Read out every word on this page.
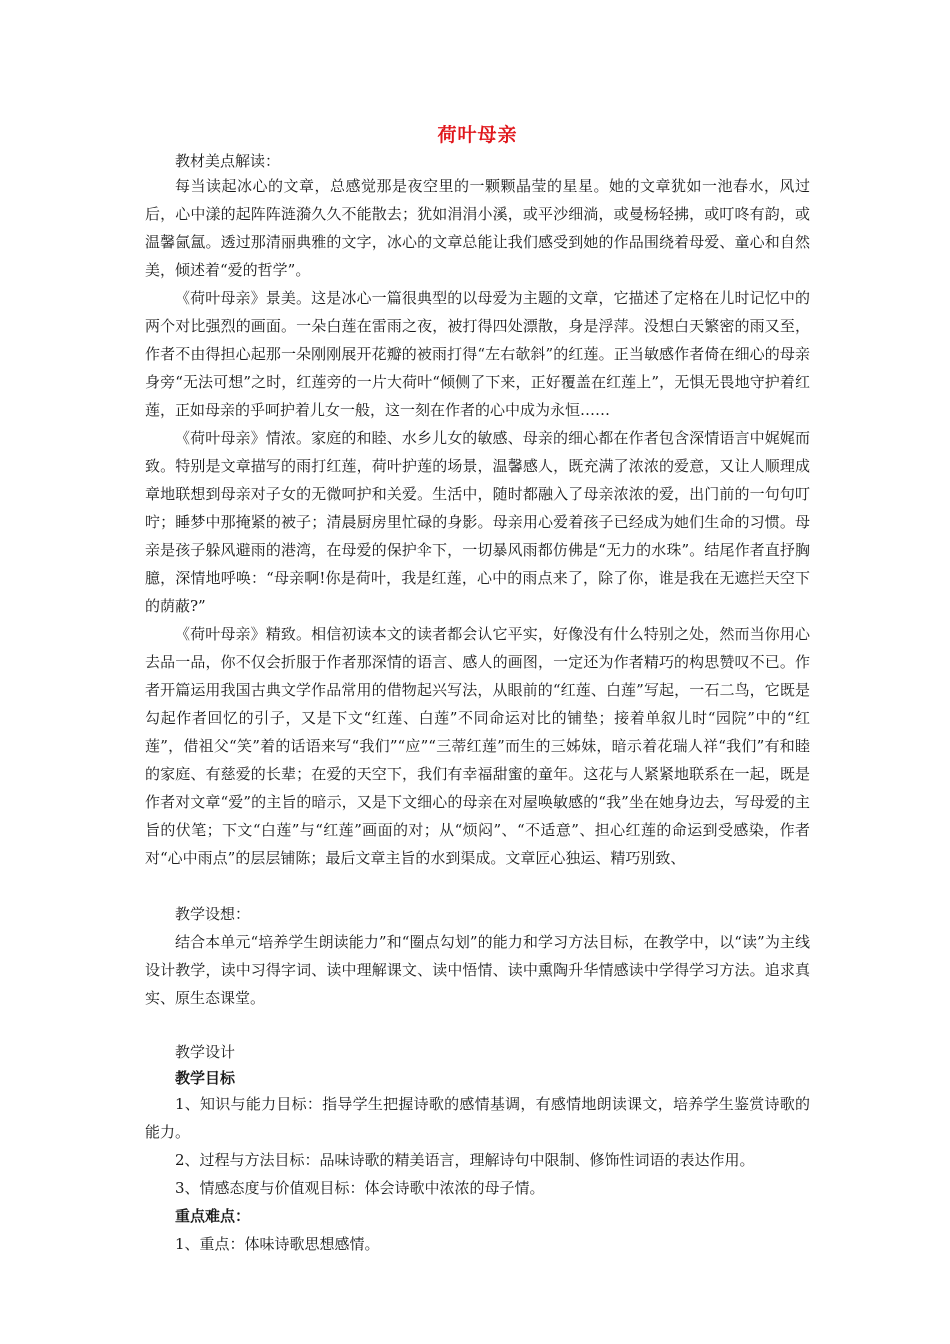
荷叶母亲

教材美点解读：

每当读起冰心的文章，总感觉那是夜空里的一颗颗晶莹的星星。她的文章犹如一池春水，风过后，心中漾的起阵阵涟漪久久不能散去；犹如涓涓小溪，或平沙细淌，或曼杨轻拂，或叮咚有韵，或温馨氤氲。透过那清丽典雅的文字，冰心的文章总能让我们感受到她的作品围绕着母爱、童心和自然美，倾述着“爱的哲学”。

《荷叶母亲》景美。这是冰心一篇很典型的以母爱为主题的文章，它描述了定格在儿时记忆中的两个对比强烈的画面。一朵白莲在雷雨之夜，被打得四处漂散，身是浮萍。没想白天繁密的雨又至，作者不由得担心起那一朵刚刚展开花瓣的被雨打得“左右欹斜”的红莲。正当敏感作者倚在细心的母亲身旁“无法可想”之时，红莲旁的一片大荷叶“倾侧了下来，正好覆盖在红莲上”，无惧无畏地守护着红莲，正如母亲的乎呵护着儿女一般，这一刻在作者的心中成为永恒……

《荷叶母亲》情浓。家庭的和睦、水乡儿女的敏感、母亲的细心都在作者包含深情语言中娓娓而致。特别是文章描写的雨打红莲，荷叶护莲的场景，温馨感人，既充满了浓浓的爱意，又让人顺理成章地联想到母亲对子女的无微呵护和关爱。生活中，随时都融入了母亲浓浓的爱，出门前的一句句叮咛；睡梦中那掩紧的被子；清晨厨房里忙碌的身影。母亲用心爱着孩子已经成为她们生命的习惯。母亲是孩子躲风避雨的港湾，在母爱的保护伞下，一切暴风雨都仿佛是“无力的水珠”。结尾作者直抒胸臆，深情地呼唤：“母亲啊!你是荷叶，我是红莲，心中的雨点来了，除了你，谁是我在无遮拦天空下的荫蔽?”

《荷叶母亲》精致。相信初读本文的读者都会认它平实，好像没有什么特别之处，然而当你用心去品一品，你不仅会折服于作者那深情的语言、感人的画图，一定还为作者精巧的构思赞叹不已。作者开篇运用我国古典文学作品常用的借物起兴写法，从眼前的“红莲、白莲”写起，一石二鸟，它既是勾起作者回忆的引子，又是下文“红莲、白莲”不同命运对比的铺垫；接着单叙儿时“园院”中的“红莲”，借祖父“笑”着的话语来写“我们”“应”“三蒂红莲”而生的三姊妹，暗示着花瑞人祥“我们”有和睦的家庭、有慈爱的长辈；在爱的天空下，我们有幸福甜蜜的童年。这花与人紧紧地联系在一起，既是作者对文章“爱”的主旨的暗示，又是下文细心的母亲在对屋唤敏感的“我”坐在她身边去，写母爱的主旨的伏笔；下文“白莲”与“红莲”画面的对；从“烦闷”、“不适意”、担心红莲的命运到受感染，作者对“心中雨点”的层层铺陈；最后文章主旨的水到渠成。文章匠心独运、精巧别致、

教学设想：

结合本单元“培养学生朗读能力”和“圈点勾划”的能力和学习方法目标，在教学中，以“读”为主线设计教学，读中习得字词、读中理解课文、读中悟情、读中熏陶升华情感读中学得学习方法。追求真实、原生态课堂。

教学设计

教学目标

1、知识与能力目标：指导学生把握诗歌的感情基调，有感情地朗读课文，培养学生鉴赏诗歌的能力。

2、过程与方法目标：品味诗歌的精美语言，理解诗句中限制、修饰性词语的表达作用。

3、情感态度与价值观目标：体会诗歌中浓浓的母子情。

重点难点：

1、重点：体味诗歌思想感情。
